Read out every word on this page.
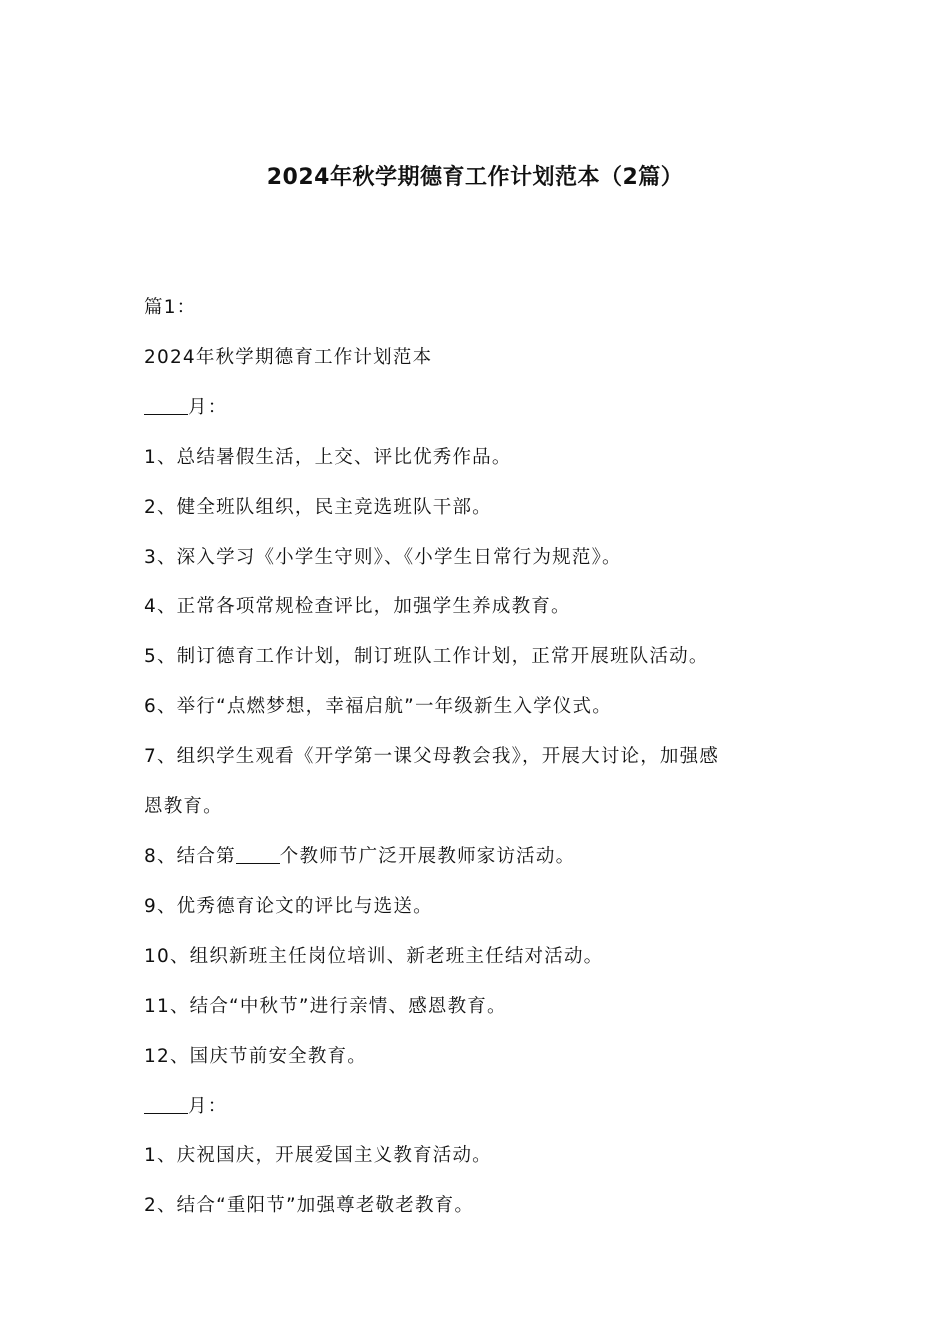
2024年秋学期德育工作计划范本（2篇）
篇1：
2024年秋学期德育工作计划范本
月：
1、总结暑假生活，上交、评比优秀作品。
2、健全班队组织，民主竞选班队干部。
3、深入学习《小学生守则》、《小学生日常行为规范》。
4、正常各项常规检查评比，加强学生养成教育。
5、制订德育工作计划，制订班队工作计划，正常开展班队活动。
6、举行“点燃梦想，幸福启航”一年级新生入学仪式。
7、组织学生观看《开学第一课父母教会我》，开展大讨论，加强感
恩教育。
8、结合第 个教师节广泛开展教师家访活动。
9、优秀德育论文的评比与选送。
10、组织新班主任岗位培训、新老班主任结对活动。
11、结合“中秋节”进行亲情、感恩教育。
12、国庆节前安全教育。
月：
1、庆祝国庆，开展爱国主义教育活动。
2、结合“重阳节”加强尊老敬老教育。
